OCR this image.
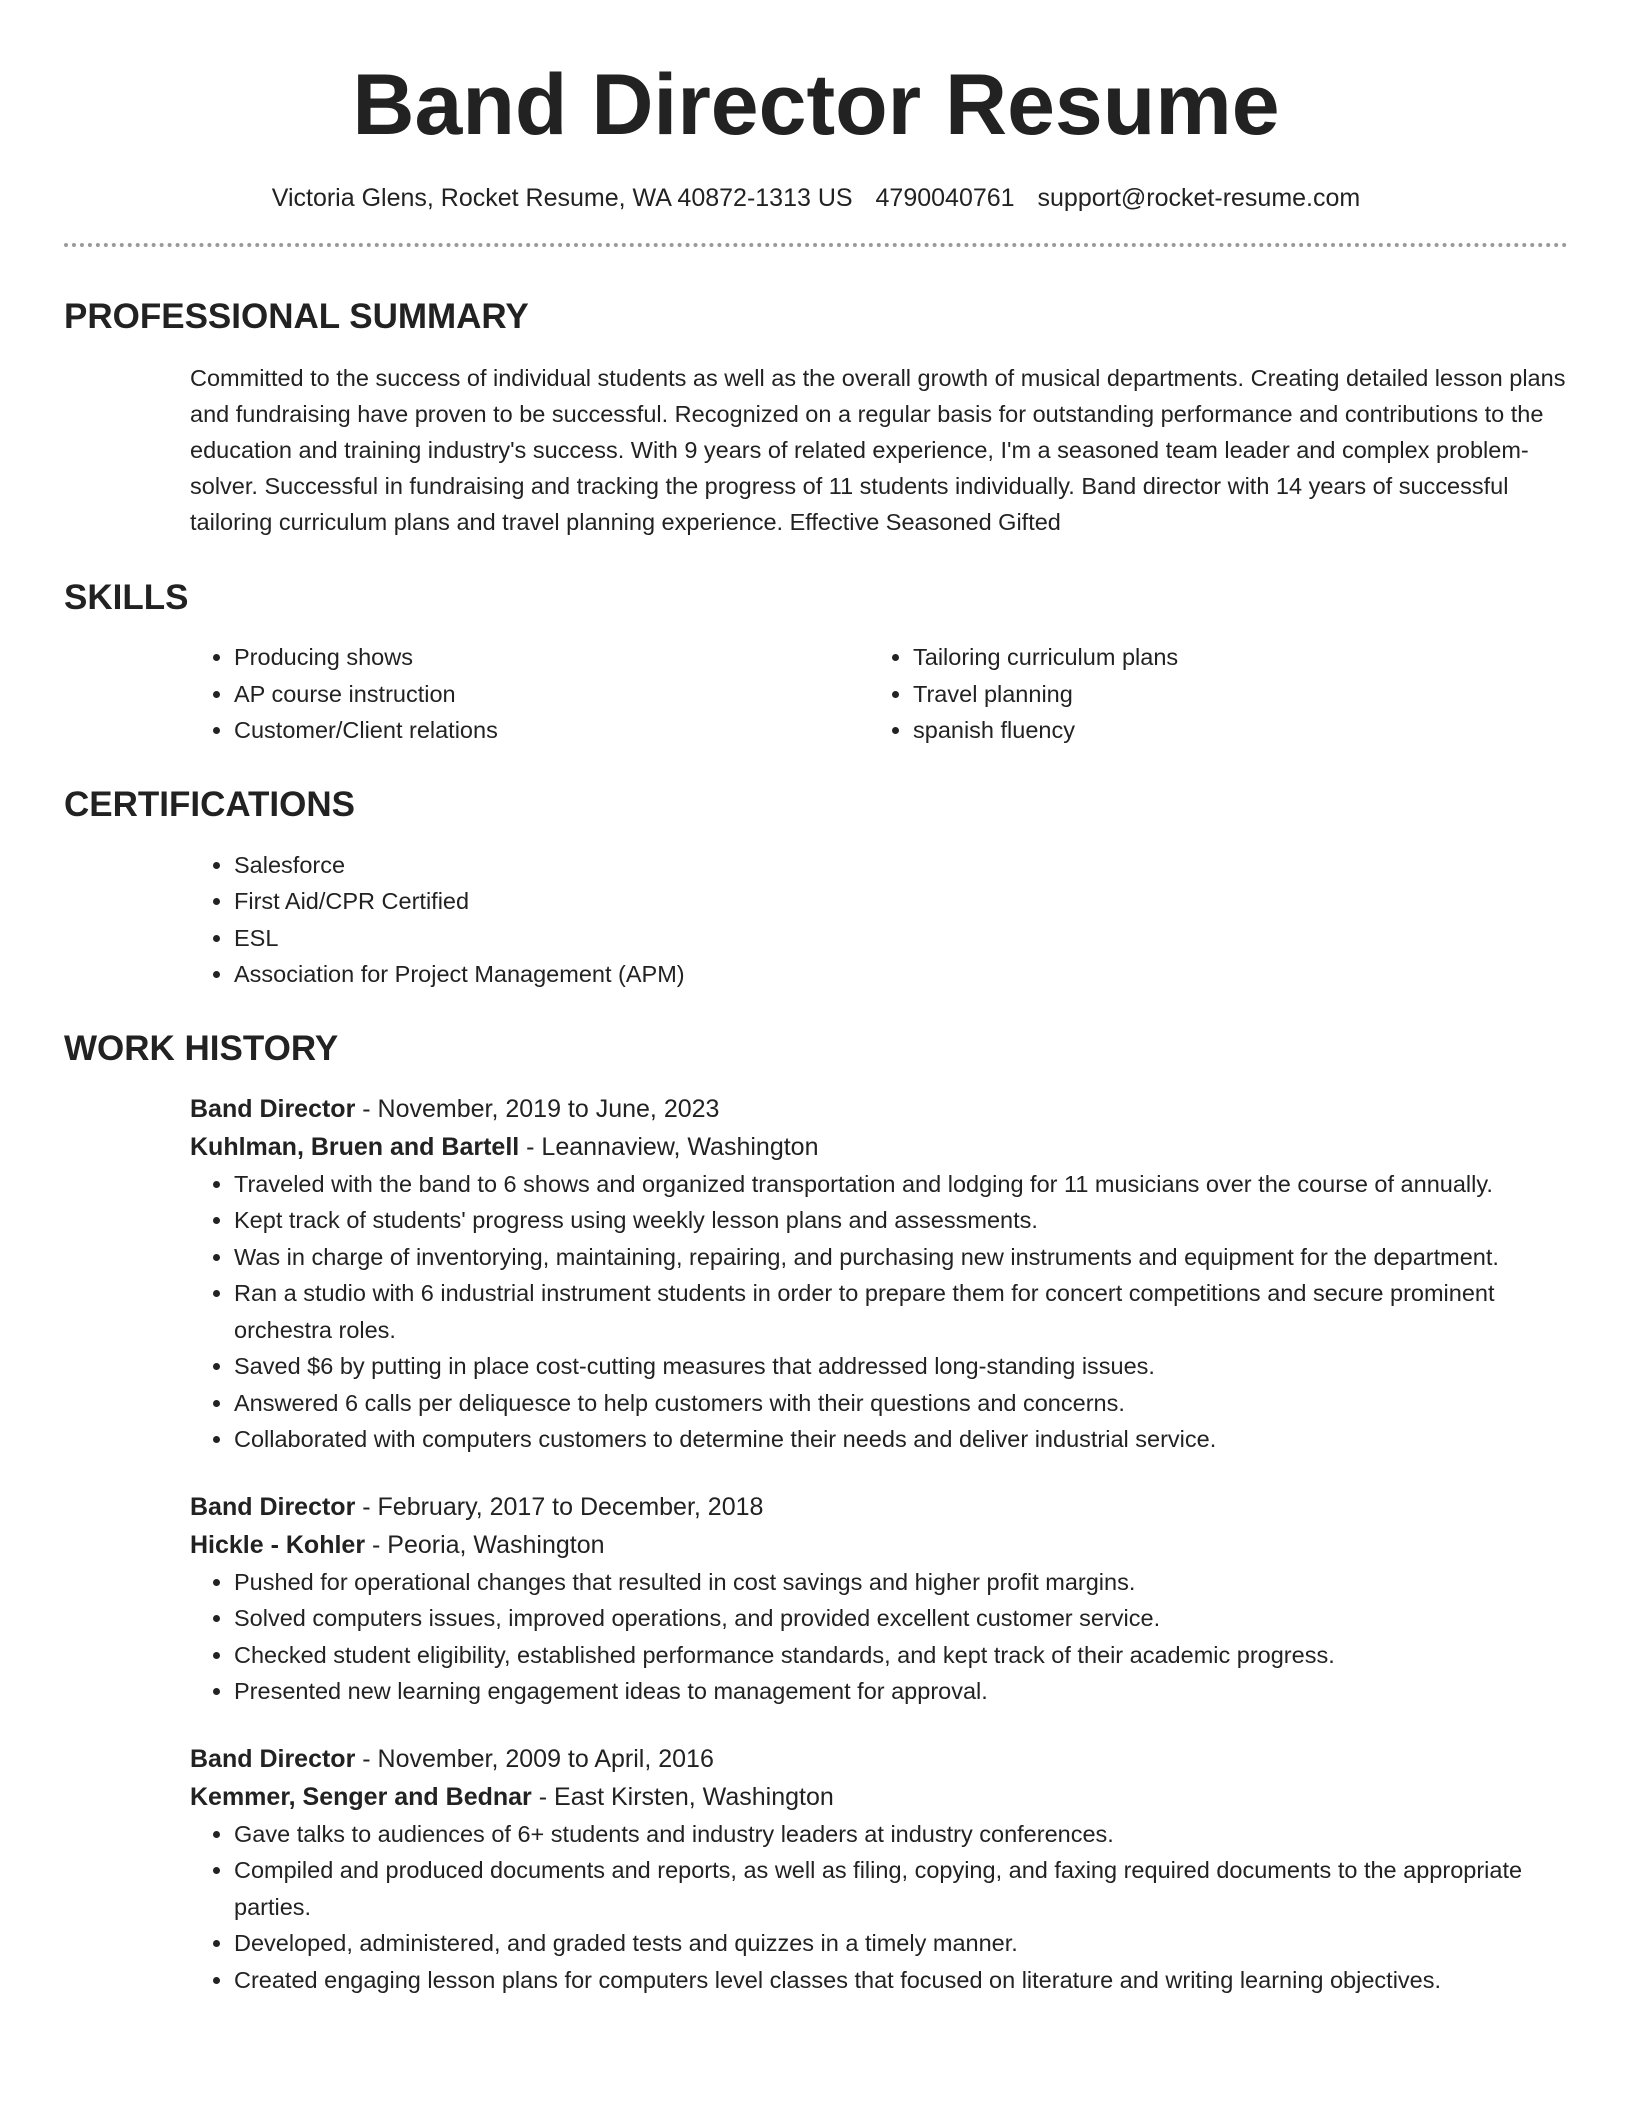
Band Director Resume
Victoria Glens, Rocket Resume, WA 40872-1313 US 4790040761 support@rocket-resume.com
PROFESSIONAL SUMMARY

Committed to the success of individual students as well as the overall growth of musical departments. Creating detailed lesson plans and fundraising have proven to be successful. Recognized on a regular basis for outstanding performance and contributions to the education and training industry's success. With 9 years of related experience, I'm a seasoned team leader and complex problem-solver. Successful in fundraising and tracking the progress of 11 students individually. Band director with 14 years of successful tailoring curriculum plans and travel planning experience. Effective Seasoned Gifted

SKILLS
• Producing shows
• AP course instruction
• Customer/Client relations
• Tailoring curriculum plans
• Travel planning
• spanish fluency
CERTIFICATIONS
• Salesforce
• First Aid/CPR Certified
• ESL
• Association for Project Management (APM)
WORK HISTORY
Band Director - November, 2019 to June, 2023
Kuhlman, Bruen and Bartell - Leannaview, Washington
• Traveled with the band to 6 shows and organized transportation and lodging for 11 musicians over the course of annually.
• Kept track of students' progress using weekly lesson plans and assessments.
• Was in charge of inventorying, maintaining, repairing, and purchasing new instruments and equipment for the department.
• Ran a studio with 6 industrial instrument students in order to prepare them for concert competitions and secure prominent orchestra roles.
• Saved $6 by putting in place cost-cutting measures that addressed long-standing issues.
• Answered 6 calls per deliquesce to help customers with their questions and concerns.
• Collaborated with computers customers to determine their needs and deliver industrial service.
Band Director - February, 2017 to December, 2018
Hickle - Kohler - Peoria, Washington
• Pushed for operational changes that resulted in cost savings and higher profit margins.
• Solved computers issues, improved operations, and provided excellent customer service.
• Checked student eligibility, established performance standards, and kept track of their academic progress.
• Presented new learning engagement ideas to management for approval.
Band Director - November, 2009 to April, 2016
Kemmer, Senger and Bednar - East Kirsten, Washington
• Gave talks to audiences of 6+ students and industry leaders at industry conferences.
• Compiled and produced documents and reports, as well as filing, copying, and faxing required documents to the appropriate parties.
• Developed, administered, and graded tests and quizzes in a timely manner.
• Created engaging lesson plans for computers level classes that focused on literature and writing learning objectives.
